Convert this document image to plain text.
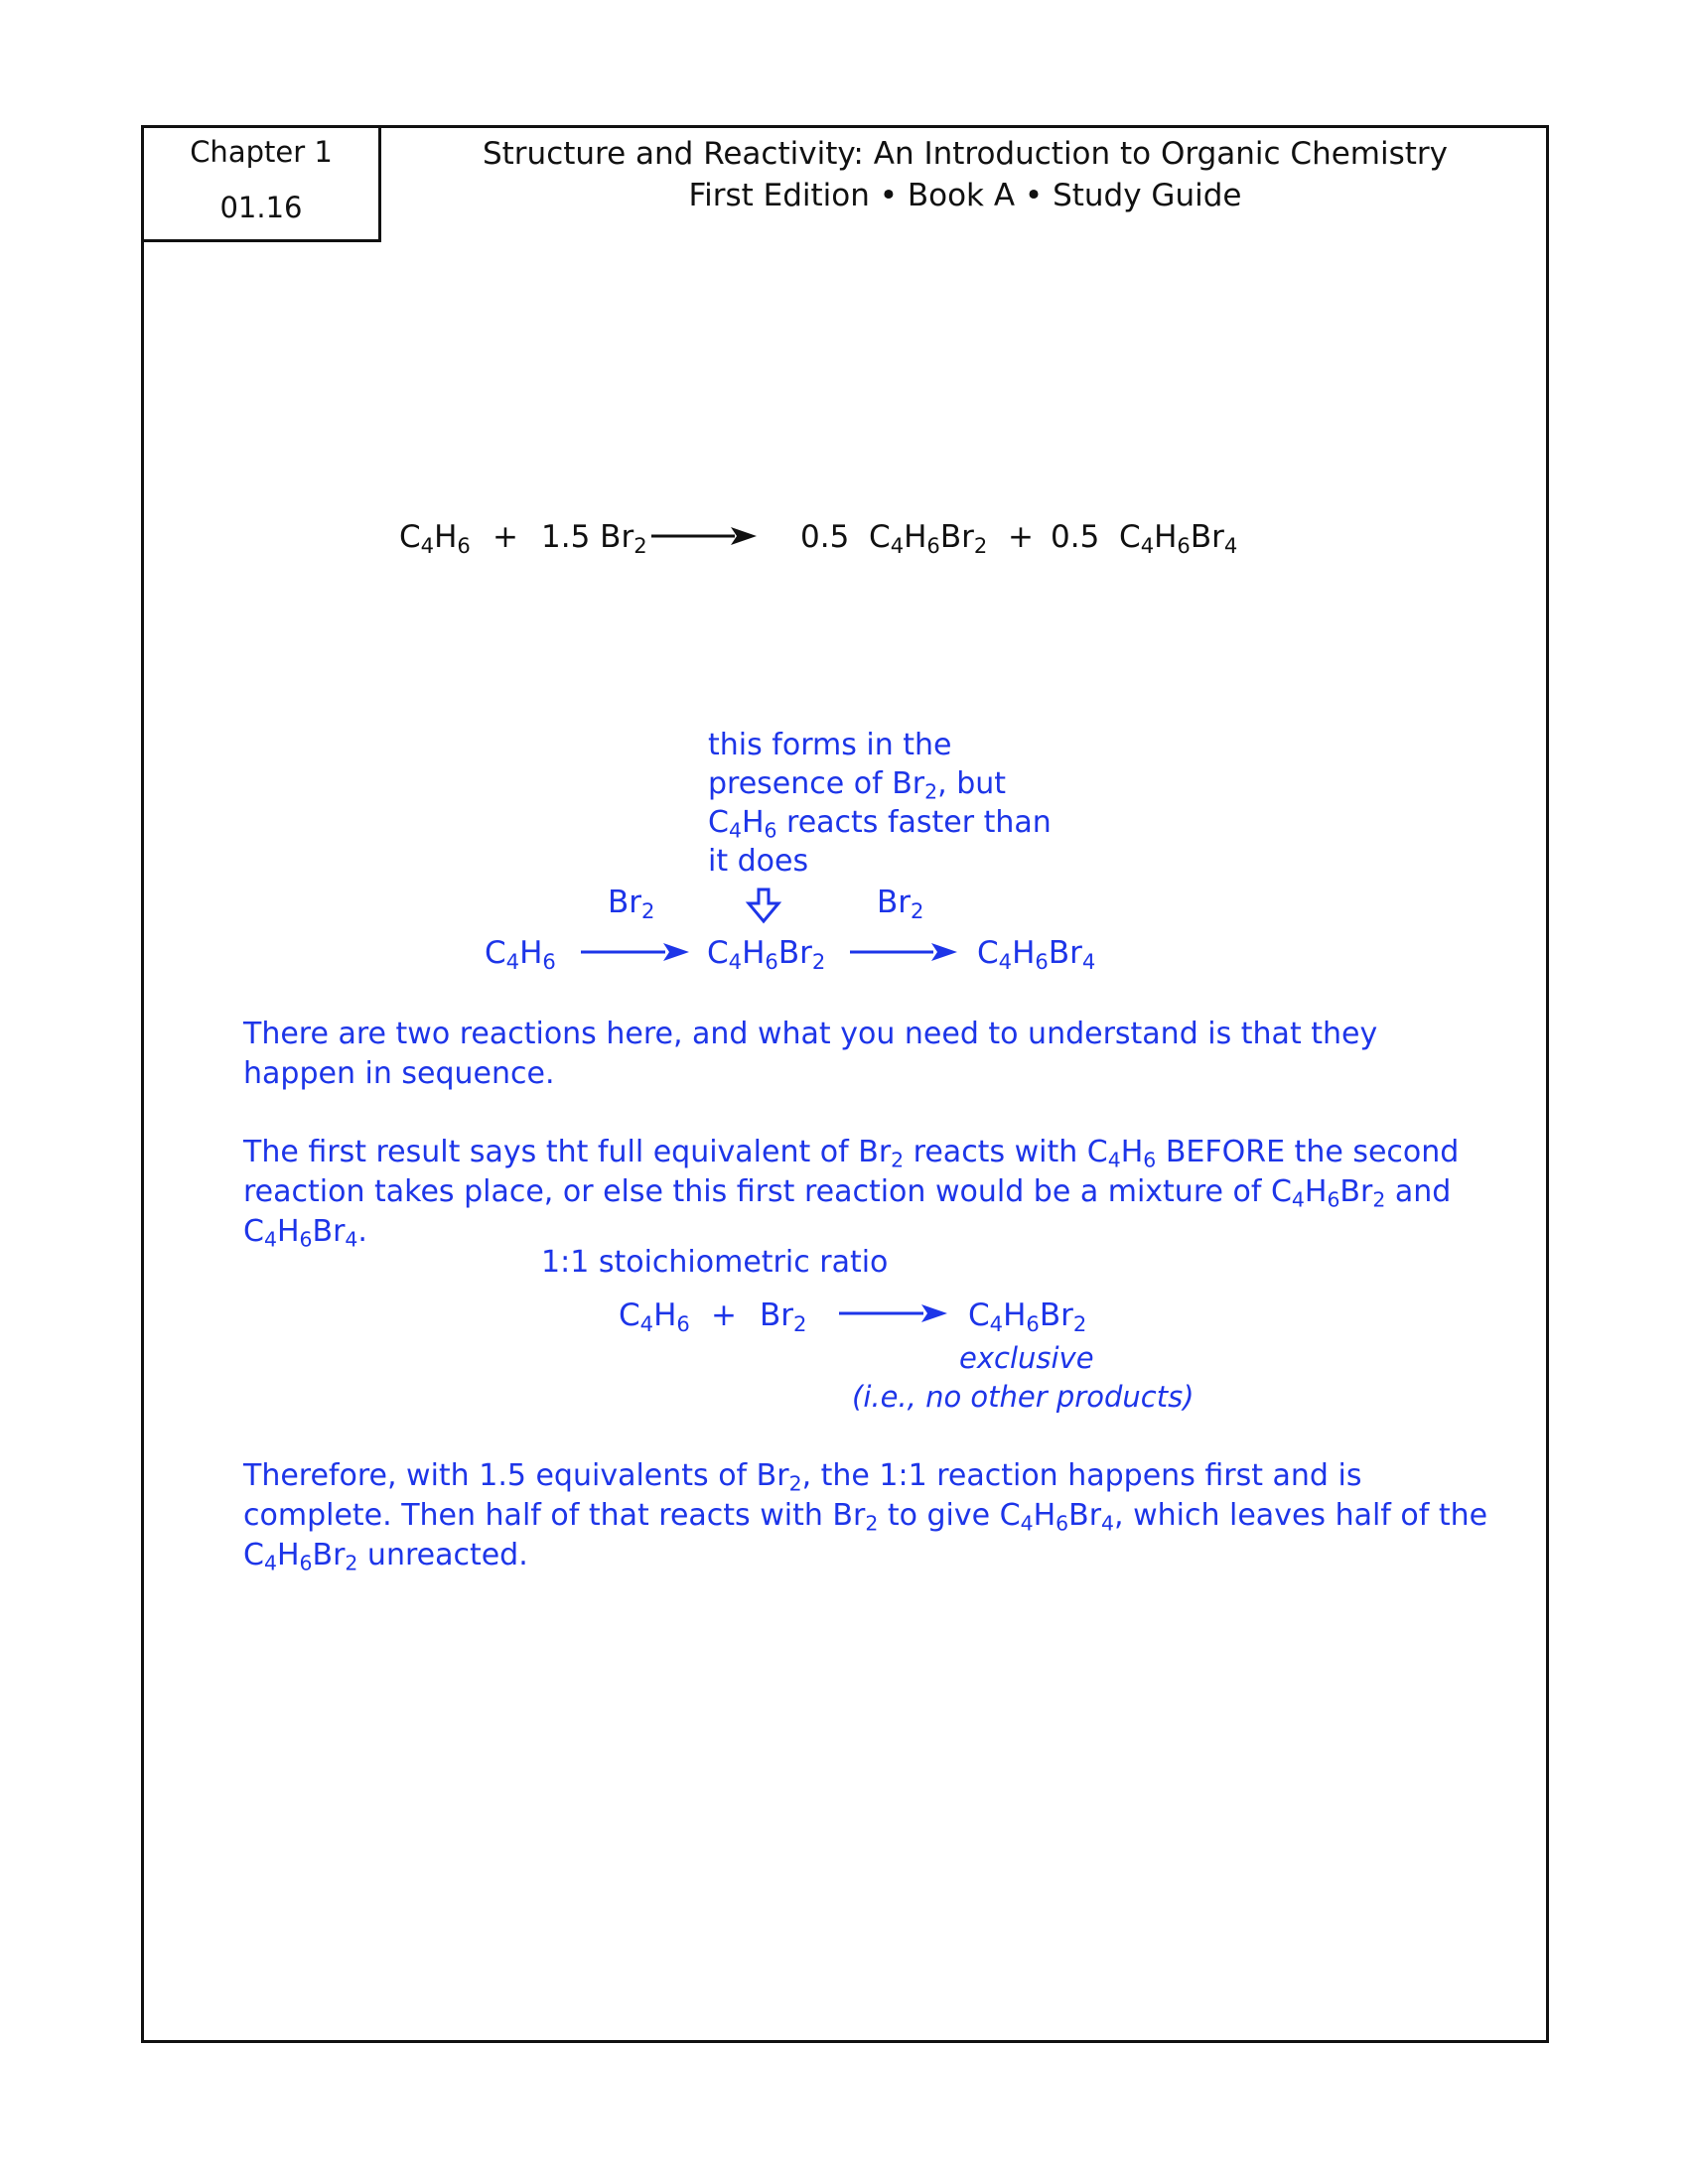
Chapter 1
01.16
Structure and Reactivity: An Introduction to Organic Chemistry
First Edition • Book A • Study Guide
$C_4H_6 + 1.5$ $Br_2$	0.5 $C_4H_6Br_2 + 0.5$ $C_4H_6Br_4$
this forms in the
presence of $Br_2$, but
$C_4H_6$ reacts faster than
it does
$Br_2$	$Br_2$
$C_4H_6$	$C_4H_6Br_2$	$C_4H_6Br_4$
There are two reactions here, and what you need to understand is that they happen in sequence.
The first result says tht full equivalent of $Br_2$ reacts with $C_4H_6$ BEFORE the second reaction takes place, or else this first reaction would be a mixture of $C_4H_6Br_2$ and $C_4H_6Br_4$.
1:1 stoichiometric ratio
$C_4H_6 + Br_2$	$C_4H_6Br_2$
exclusive
(i.e., no other products)
Therefore, with 1.5 equivalents of $Br_2$, the 1:1 reaction happens first and is complete. Then half of that reacts with $Br_2$ to give $C_4H_6Br_4$, which leaves half of the $C_4H_6Br_2$ unreacted.
